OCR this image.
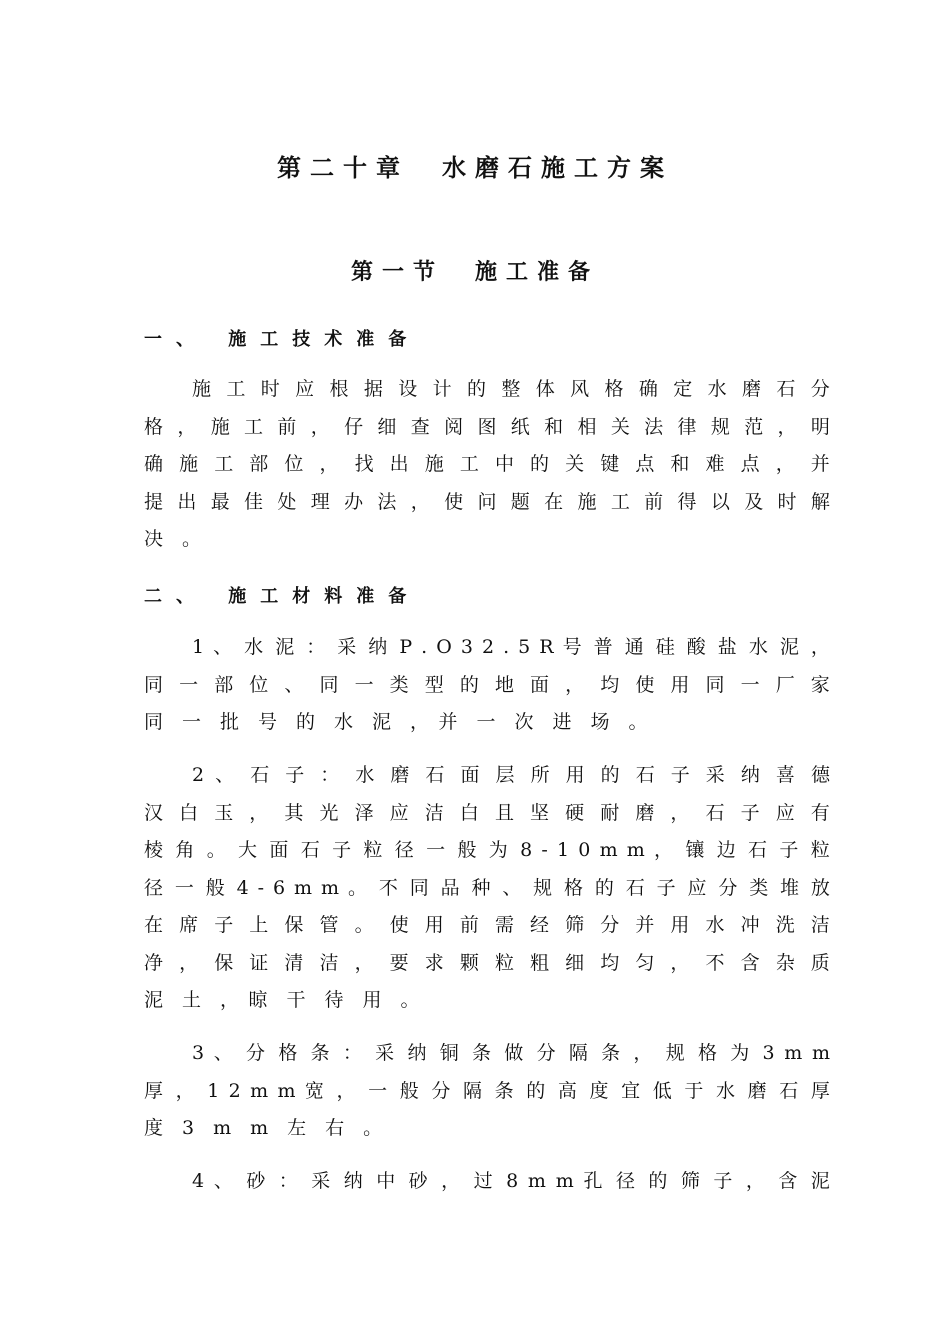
第二十章　水磨石施工方案
第一节　施工准备
一、 施工技术准备
施 工 时 应 根 据 设 计 的 整 体 风 格 确 定 水 磨 石 分
格 ， 施 工 前 ， 仔 细 查 阅 图 纸 和 相 关 法 律 规 范 ， 明
确 施 工 部 位 ， 找 出 施 工 中 的 关 键 点 和 难 点 ， 并
提 出 最 佳 处 理 办 法 ， 使 问 题 在 施 工 前 得 以 及 时 解
决　。
二、 施工材料准备
1 、 水 泥 ： 采 纳 P . O 3 2 . 5 R 号 普 通 硅 酸 盐 水 泥 ，
同 一 部 位 、 同 一 类 型 的 地 面 ， 均 使 用 同 一 厂 家
同　一　批　号　的　水　泥　，　并　一　次　进　场　。
2 、 石 子 ： 水 磨 石 面 层 所 用 的 石 子 采 纳 喜 德
汉 白 玉 ， 其 光 泽 应 洁 白 且 坚 硬 耐 磨 ， 石 子 应 有
棱 角 。 大 面 石 子 粒 径 一 般 为 8 - 1 0 m m ， 镶 边 石 子 粒
径 一 般 4 - 6 m m 。 不 同 品 种 、 规 格 的 石 子 应 分 类 堆 放
在 席 子 上 保 管 。 使 用 前 需 经 筛 分 并 用 水 冲 洗 洁
净 ， 保 证 清 洁 ， 要 求 颗 粒 粗 细 均 匀 ， 不 含 杂 质
泥　土　，　晾　干　待　用　。
3 、 分 格 条 ： 采 纳 铜 条 做 分 隔 条 ， 规 格 为 3 m m
厚 ， 1 2 m m 宽 ， 一 般 分 隔 条 的 高 度 宜 低 于 水 磨 石 厚
度　3　m　m　左　右　。
4 、 砂 ： 采 纳 中 砂 ， 过 8 m m 孔 径 的 筛 子 ， 含 泥
